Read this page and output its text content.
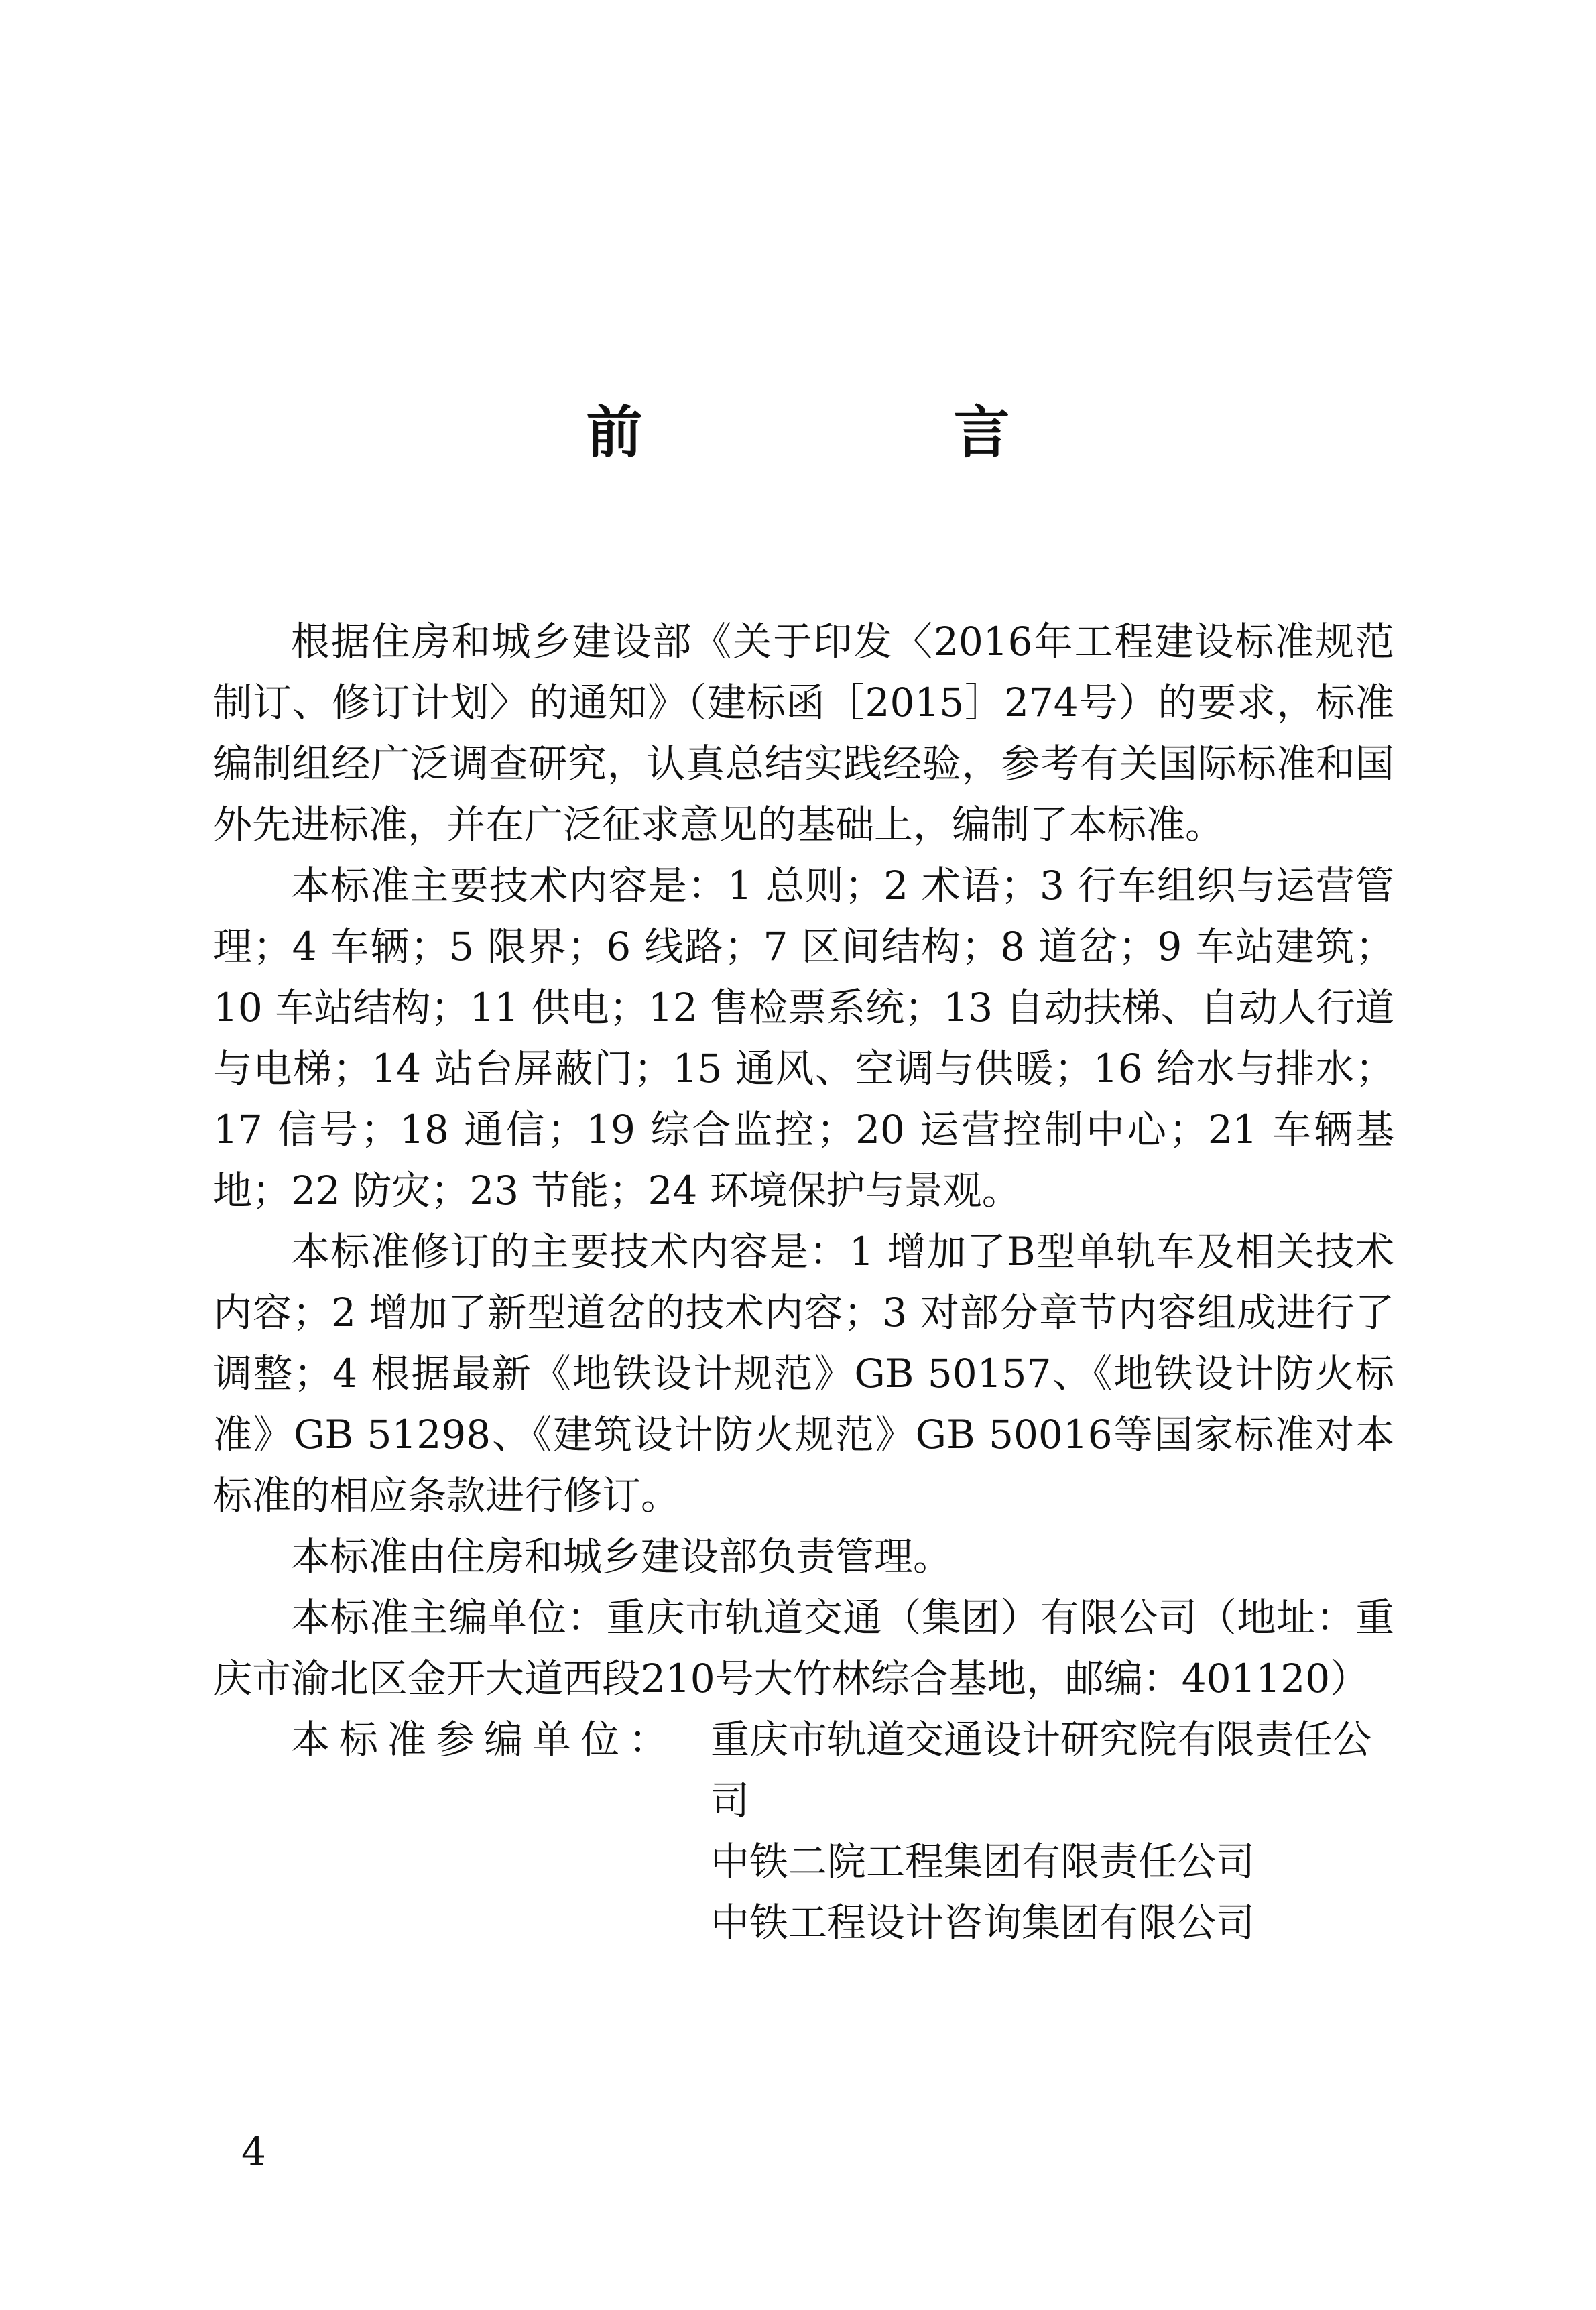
前　言

根据住房和城乡建设部《关于印发〈2016年工程建设标准规范制订、修订计划〉的通知》（建标函［2015］274号）的要求，标准编制组经广泛调查研究，认真总结实践经验，参考有关国际标准和国外先进标准，并在广泛征求意见的基础上，编制了本标准。

本标准主要技术内容是：1 总则；2 术语；3 行车组织与运营管理；4 车辆；5 限界；6 线路；7 区间结构；8 道岔；9 车站建筑；10 车站结构；11 供电；12 售检票系统；13 自动扶梯、自动人行道与电梯；14 站台屏蔽门；15 通风、空调与供暖；16 给水与排水；17 信号；18 通信；19 综合监控；20 运营控制中心；21 车辆基地；22 防灾；23 节能；24 环境保护与景观。

本标准修订的主要技术内容是：1 增加了B型单轨车及相关技术内容；2 增加了新型道岔的技术内容；3 对部分章节内容组成进行了调整；4 根据最新《地铁设计规范》GB 50157、《地铁设计防火标准》GB 51298、《建筑设计防火规范》GB 50016等国家标准对本标准的相应条款进行修订。

本标准由住房和城乡建设部负责管理。

本标准主编单位：重庆市轨道交通（集团）有限公司（地址：重庆市渝北区金开大道西段210号大竹林综合基地，邮编：401120）

本标准参编单位： 重庆市轨道交通设计研究院有限责任公司
中铁二院工程集团有限责任公司
中铁工程设计咨询集团有限公司
4
